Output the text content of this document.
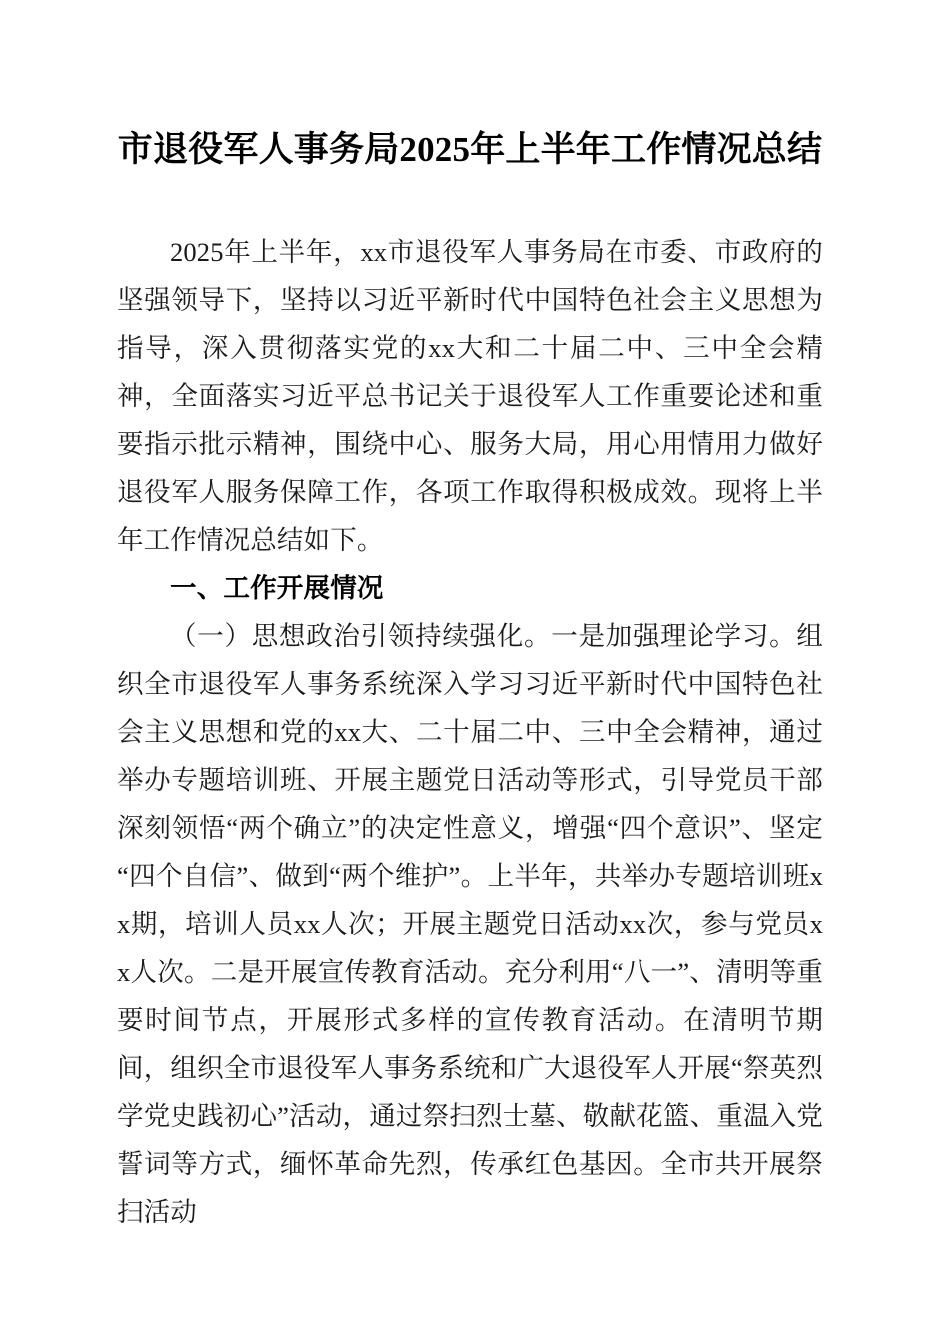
市退役军人事务局2025年上半年工作情况总结

2025年上半年，xx市退役军人事务局在市委、市政府的坚强领导下，坚持以习近平新时代中国特色社会主义思想为指导，深入贯彻落实党的xx大和二十届二中、三中全会精神，全面落实习近平总书记关于退役军人工作重要论述和重要指示批示精神，围绕中心、服务大局，用心用情用力做好退役军人服务保障工作，各项工作取得积极成效。现将上半年工作情况总结如下。

一、工作开展情况

（一）思想政治引领持续强化。一是加强理论学习。组织全市退役军人事务系统深入学习习近平新时代中国特色社会主义思想和党的xx大、二十届二中、三中全会精神，通过举办专题培训班、开展主题党日活动等形式，引导党员干部深刻领悟“两个确立”的决定性意义，增强“四个意识”、坚定“四个自信”、做到“两个维护”。上半年，共举办专题培训班xx期，培训人员xx人次；开展主题党日活动xx次，参与党员xx人次。二是开展宣传教育活动。充分利用“八一”、清明等重要时间节点，开展形式多样的宣传教育活动。在清明节期间，组织全市退役军人事务系统和广大退役军人开展“祭英烈学党史践初心”活动，通过祭扫烈士墓、敬献花篮、重温入党誓词等方式，缅怀革命先烈，传承红色基因。全市共开展祭扫活动
